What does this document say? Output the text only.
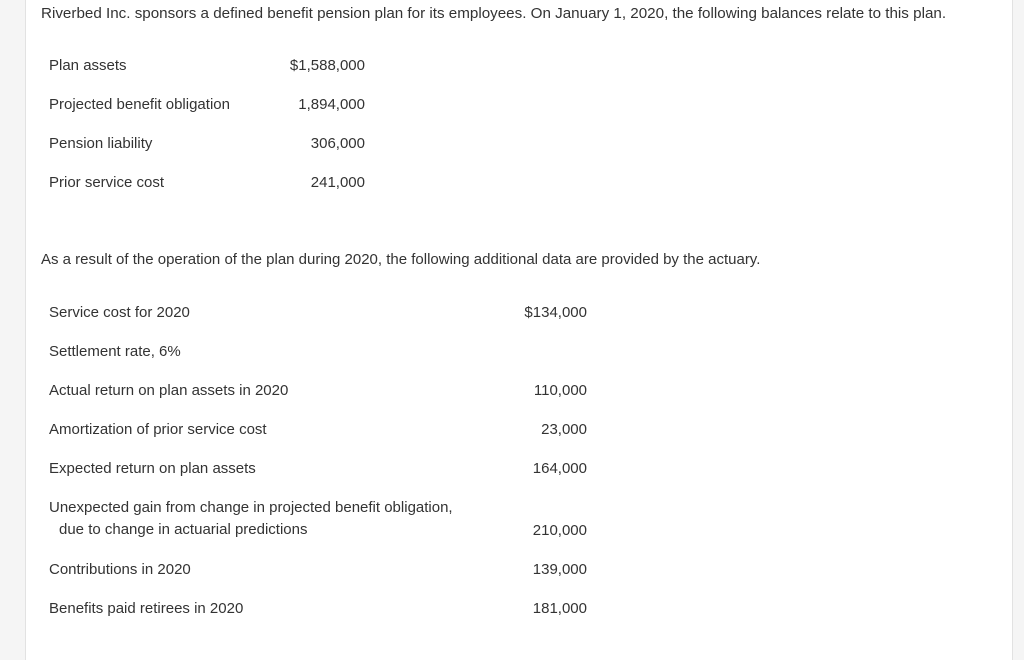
Riverbed Inc. sponsors a defined benefit pension plan for its employees. On January 1, 2020, the following balances relate to this plan.
Plan assets	$1,588,000
Projected benefit obligation	1,894,000
Pension liability	306,000
Prior service cost	241,000
As a result of the operation of the plan during 2020, the following additional data are provided by the actuary.
Service cost for 2020	$134,000
Settlement rate, 6%
Actual return on plan assets in 2020	110,000
Amortization of prior service cost	23,000
Expected return on plan assets	164,000
Unexpected gain from change in projected benefit obligation,
due to change in actuarial predictions	210,000
Contributions in 2020	139,000
Benefits paid retirees in 2020	181,000
